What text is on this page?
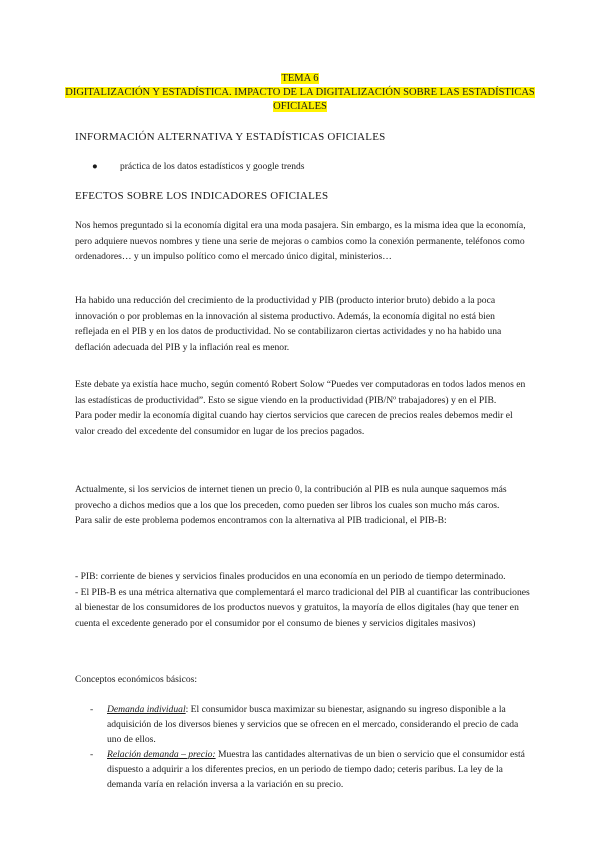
TEMA 6
DIGITALIZACIÓN Y ESTADÍSTICA. IMPACTO DE LA DIGITALIZACIÓN SOBRE LAS ESTADÍSTICAS OFICIALES
INFORMACIÓN ALTERNATIVA Y ESTADÍSTICAS OFICIALES
●	práctica de los datos estadísticos y google trends
EFECTOS SOBRE LOS INDICADORES OFICIALES

Nos hemos preguntado si la economía digital era una moda pasajera. Sin embargo, es la misma idea que la economía, pero adquiere nuevos nombres y tiene una serie de mejoras o cambios como la conexión permanente, teléfonos como ordenadores… y un impulso político como el mercado único digital, ministerios…

Ha habido una reducción del crecimiento de la productividad y PIB (producto interior bruto) debido a la poca innovación o por problemas en la innovación al sistema productivo. Además, la economía digital no está bien reflejada en el PIB y en los datos de productividad. No se contabilizaron ciertas actividades y no ha habido una deflación adecuada del PIB y la inflación real es menor.

Este debate ya existía hace mucho, según comentó Robert Solow “Puedes ver computadoras en todos lados menos en las estadísticas de productividad”. Esto se sigue viendo en la productividad (PIB/Nº trabajadores) y en el PIB.

Para poder medir la economía digital cuando hay ciertos servicios que carecen de precios reales debemos medir el valor creado del excedente del consumidor en lugar de los precios pagados.

Actualmente, si los servicios de internet tienen un precio 0, la contribución al PIB es nula aunque saquemos más provecho a dichos medios que a los que los preceden, como pueden ser libros los cuales son mucho más caros.

Para salir de este problema podemos encontramos con la alternativa al PIB tradicional, el PIB-B:

- PIB: corriente de bienes y servicios finales producidos en una economía en un periodo de tiempo determinado.

- El PIB-B es una métrica alternativa que complementará el marco tradicional del PIB al cuantificar las contribuciones al bienestar de los consumidores de los productos nuevos y gratuitos, la mayoría de ellos digitales (hay que tener en cuenta el excedente generado por el consumidor por el consumo de bienes y servicios digitales masivos)

Conceptos económicos básicos:

-	Demanda individual: El consumidor busca maximizar su bienestar, asignando su ingreso disponible a la adquisición de los diversos bienes y servicios que se ofrecen en el mercado, considerando el precio de cada uno de ellos.
-	Relación demanda – precio: Muestra las cantidades alternativas de un bien o servicio que el consumidor está dispuesto a adquirir a los diferentes precios, en un periodo de tiempo dado; ceteris paribus. La ley de la demanda varía en relación inversa a la variación en su precio.
